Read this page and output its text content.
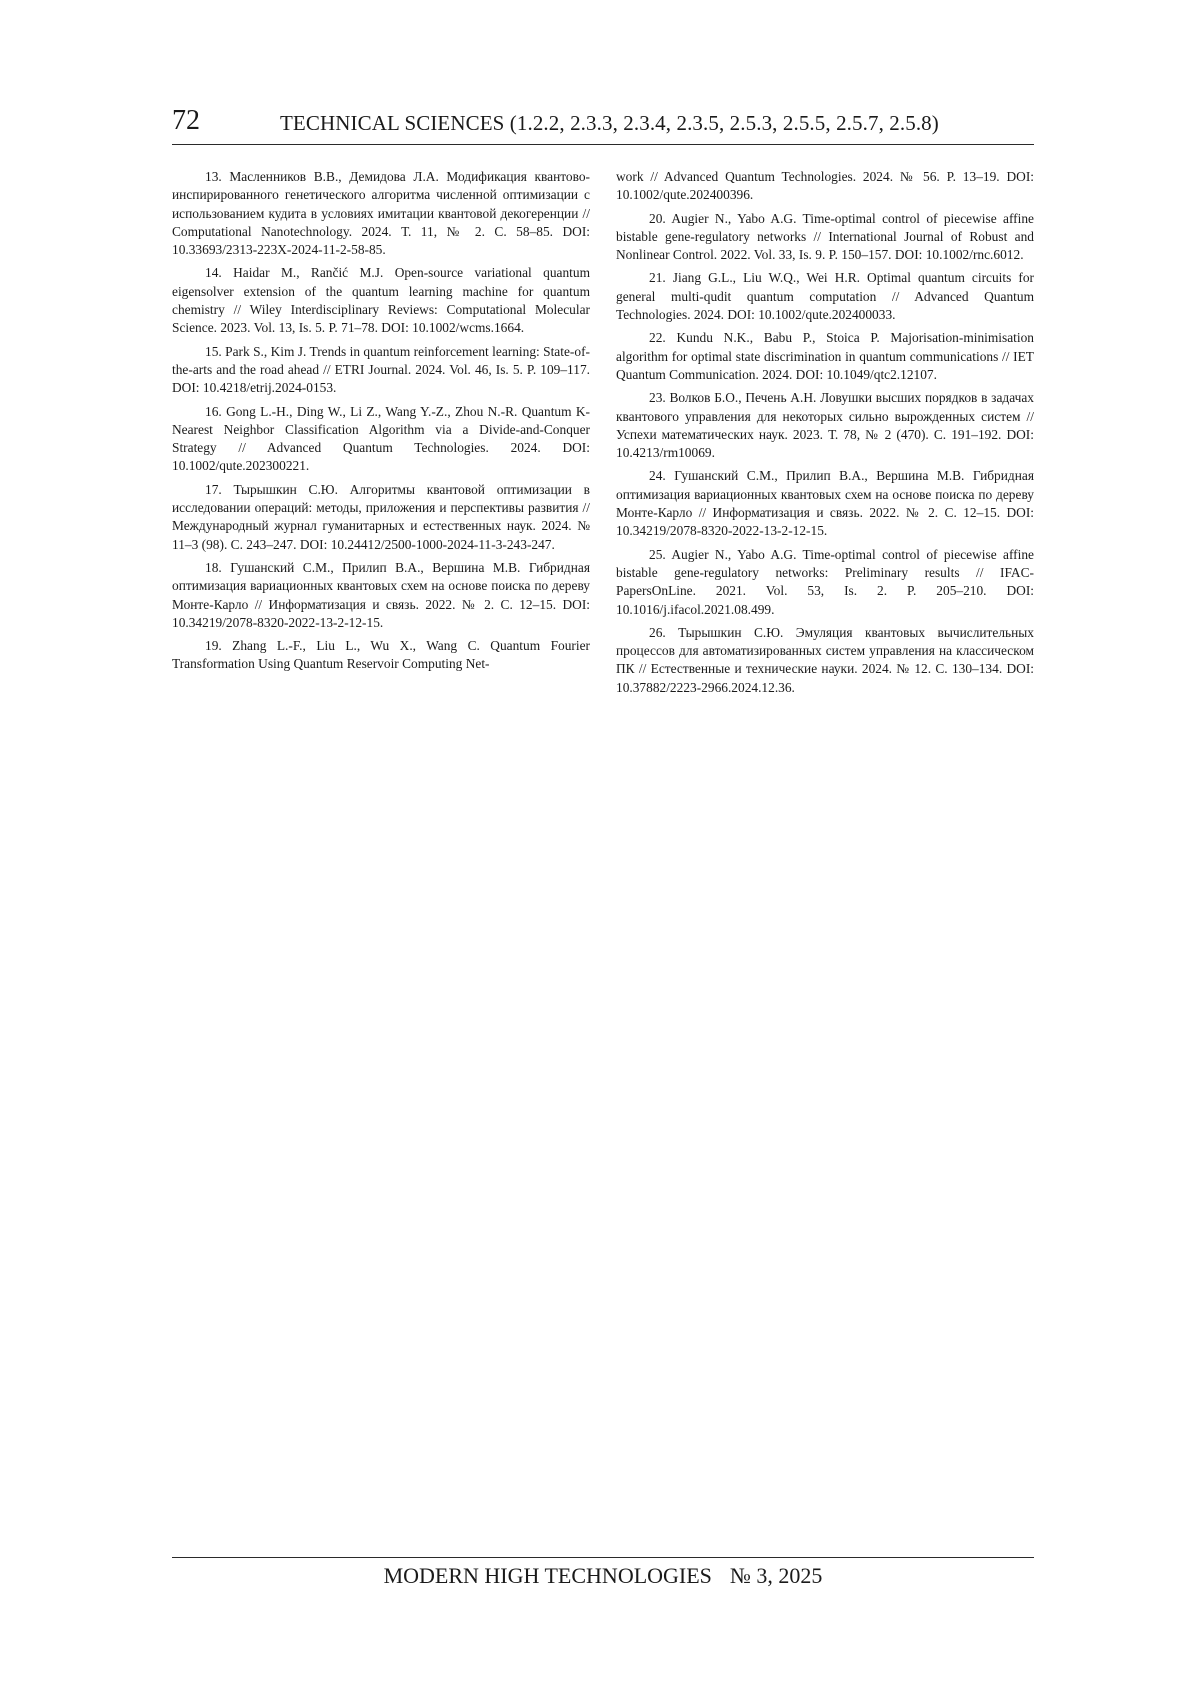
72	TECHNICAL SCIENCES (1.2.2, 2.3.3, 2.3.4, 2.3.5, 2.5.3, 2.5.5, 2.5.7, 2.5.8)

13. Масленников В.В., Демидова Л.А. Модификация квантово-инспирированного генетического алгоритма численной оптимизации с использованием кудита в условиях имитации квантовой декогеренции // Computational Nanotechnology. 2024. Т. 11, № 2. С. 58–85. DOI: 10.33693/2313-223X-2024-11-2-58-85.

14. Haidar M., Rančić M.J. Open-source variational quantum eigensolver extension of the quantum learning machine for quantum chemistry // Wiley Interdisciplinary Reviews: Computational Molecular Science. 2023. Vol. 13, Is. 5. P. 71–78. DOI: 10.1002/wcms.1664.

15. Park S., Kim J. Trends in quantum reinforcement learning: State-of-the-arts and the road ahead // ETRI Journal. 2024. Vol. 46, Is. 5. P. 109–117. DOI: 10.4218/etrij.2024-0153.

16. Gong L.-H., Ding W., Li Z., Wang Y.-Z., Zhou N.-R. Quantum K-Nearest Neighbor Classification Algorithm via a Divide-and-Conquer Strategy // Advanced Quantum Technologies. 2024. DOI: 10.1002/qute.202300221.

17. Тырышкин С.Ю. Алгоритмы квантовой оптимизации в исследовании операций: методы, приложения и перспективы развития // Международный журнал гуманитарных и естественных наук. 2024. № 11–3 (98). С. 243–247. DOI: 10.24412/2500-1000-2024-11-3-243-247.

18. Гушанский С.М., Прилип В.А., Вершина М.В. Гибридная оптимизация вариационных квантовых схем на основе поиска по дереву Монте-Карло // Информатизация и связь. 2022. № 2. С. 12–15. DOI: 10.34219/2078-8320-2022-13-2-12-15.

19. Zhang L.-F., Liu L., Wu X., Wang C. Quantum Fourier Transformation Using Quantum Reservoir Computing Net-

work // Advanced Quantum Technologies. 2024. № 56. P. 13–19. DOI: 10.1002/qute.202400396.

20. Augier N., Yabo A.G. Time-optimal control of piecewise affine bistable gene-regulatory networks // International Journal of Robust and Nonlinear Control. 2022. Vol. 33, Is. 9. P. 150–157. DOI: 10.1002/rnc.6012.

21. Jiang G.L., Liu W.Q., Wei H.R. Optimal quantum circuits for general multi-qudit quantum computation // Advanced Quantum Technologies. 2024. DOI: 10.1002/qute.202400033.

22. Kundu N.K., Babu P., Stoica P. Majorisation-minimisation algorithm for optimal state discrimination in quantum communications // IET Quantum Communication. 2024. DOI: 10.1049/qtc2.12107.

23. Волков Б.О., Печень А.Н. Ловушки высших порядков в задачах квантового управления для некоторых сильно вырожденных систем // Успехи математических наук. 2023. Т. 78, № 2 (470). С. 191–192. DOI: 10.4213/rm10069.

24. Гушанский С.М., Прилип В.А., Вершина М.В. Гибридная оптимизация вариационных квантовых схем на основе поиска по дереву Монте-Карло // Информатизация и связь. 2022. № 2. С. 12–15. DOI: 10.34219/2078-8320-2022-13-2-12-15.

25. Augier N., Yabo A.G. Time-optimal control of piecewise affine bistable gene-regulatory networks: Preliminary results // IFAC-PapersOnLine. 2021. Vol. 53, Is. 2. P. 205–210. DOI: 10.1016/j.ifacol.2021.08.499.

26. Тырышкин С.Ю. Эмуляция квантовых вычислительных процессов для автоматизированных систем управления на классическом ПК // Естественные и технические науки. 2024. № 12. С. 130–134. DOI: 10.37882/2223-2966.2024.12.36.

MODERN HIGH TECHNOLOGIES № 3, 2025
